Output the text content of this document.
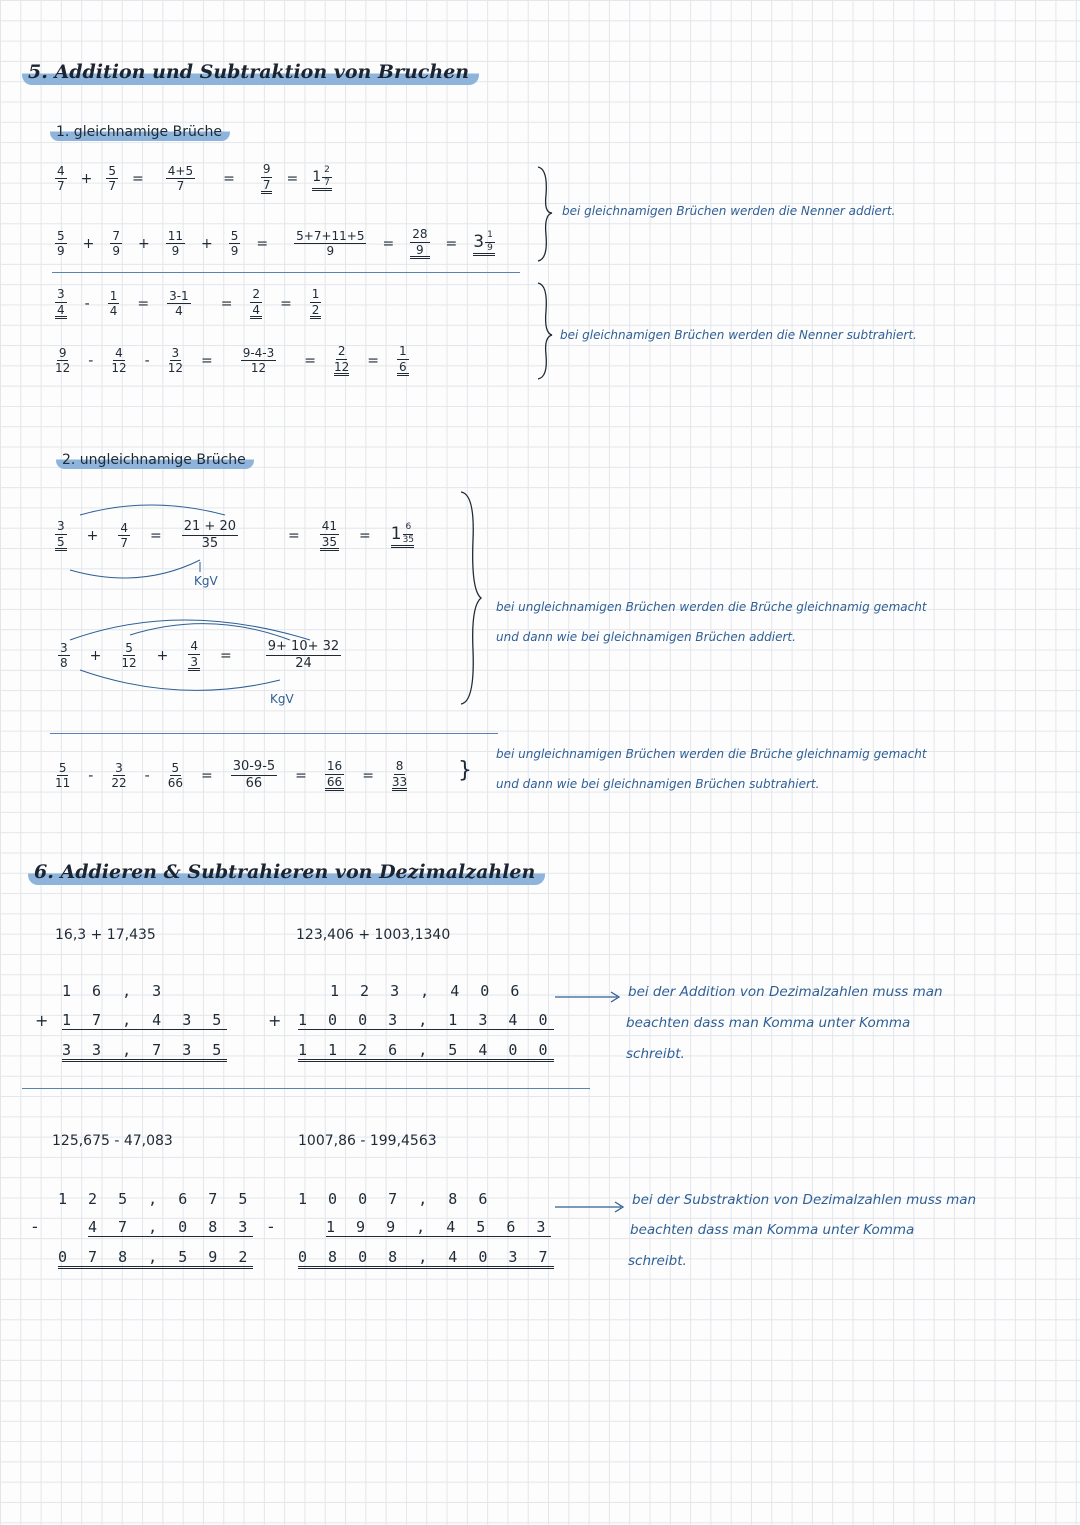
5. Addition und Subtraktion von Bruchen
1. gleichnamige Brüche
$\frac{4}{7} + \frac{5}{7} = \frac{4+5}{7} = \frac{9}{7} = 1 \frac{2}{7}$
$\frac{5}{9} + \frac{7}{9} + \frac{11}{9} + \frac{5}{9} = \frac{5+7+11+5}{9} = \frac{28}{9} = 3 \frac{1}{9}$
$\frac{3}{4} - \frac{1}{4} = \frac{3-1}{4} = \frac{2}{4} = \frac{1}{2}$
$\frac{9}{12} - \frac{4}{12} - \frac{3}{12} = \frac{9-4-3}{12} = \frac{2}{12} = \frac{1}{6}$
bei gleichnamigen Brüchen werden die Nenner addiert.
bei gleichnamigen Brüchen werden die Nenner subtrahiert.
2. ungleichnamige Brüche
$\frac{3}{5} + \frac{4}{7} = \frac{21 + 20}{35}$	= $\frac{41}{35} = 1 \frac{6}{35}$
KgV
$\frac{3}{8} + \frac{5}{12} + \frac{4}{3}$ =	$\frac{9+ 10+ 32}{24}$
KgV
bei ungleichnamigen Brüchen werden die Brüche gleichnamig gemacht
und dann wie bei gleichnamigen Brüchen addiert.
$\frac{5}{11} - \frac{3}{22} - \frac{5}{66} = \frac{30-9-5}{66} = \frac{16}{66} = \frac{8}{33}$ }
bei ungleichnamigen Brüchen werden die Brüche gleichnamig gemacht
und dann wie bei gleichnamigen Brüchen subtrahiert.
6. Addieren & Subtrahieren von Dezimalzahlen
16,3 + 17,435
1 6 , 3
+ 1 7 , 4 3 5
3 3 , 7 3 5
123,406 + 1003,1340
1 2 3 , 4 0 6
+ 1 0 0 3 , 1 3 4 0
1 1 2 6 , 5 4 0 0
bei der Addition von Dezimalzahlen muss man
beachten dass man Komma unter Komma
schreibt.
125,675 - 47,083
1 2 5 , 6 7 5
-	4 7 , 0 8 3
0 7 8 , 5 9 2
1007,86 - 199,4563
1 0 0 7 , 8 6
-	1 9 9 , 4 5 6 3
0 8 0 8 , 4 0 3 7
bei der Substraktion von Dezimalzahlen muss man
beachten dass man Komma unter Komma
schreibt.
